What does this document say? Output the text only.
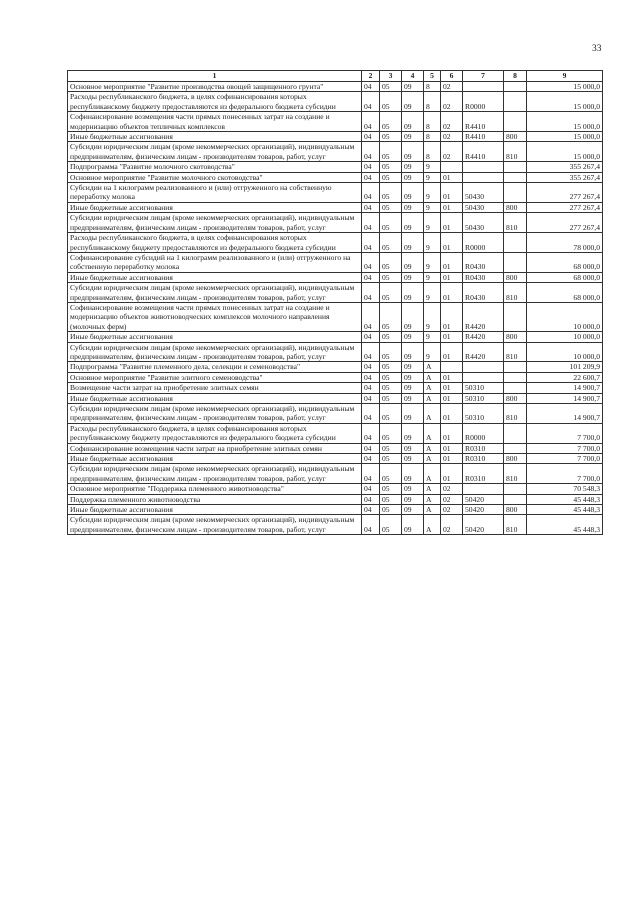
33
1	2	3	4	5	6	7	8	9
Основное мероприятие "Развитие производства овощей защищенного грунта"	04	05	09	8	02			15 000,0
Расходы республиканского бюджета, в целях софинансирования которых республиканскому бюджету предоставляются из федерального бюджета субсидии	04	05	09	8	02	R0000		15 000,0
Софинансирование возмещения части прямых понесенных затрат на создание и модернизацию объектов тепличных комплексов	04	05	09	8	02	R4410		15 000,0
Иные бюджетные ассигнования	04	05	09	8	02	R4410	800	15 000,0
Субсидии юридическим лицам (кроме некоммерческих организаций), индивидуальным предпринимателям, физическим лицам - производителям товаров, работ, услуг	04	05	09	8	02	R4410	810	15 000,0
Подпрограмма "Развитие молочного скотоводства"	04	05	09	9				355 267,4
Основное мероприятие "Развитие молочного скотоводства"	04	05	09	9	01			355 267,4
Субсидии на 1 килограмм реализованного и (или) отгруженного на собственную переработку молока	04	05	09	9	01	50430		277 267,4
Иные бюджетные ассигнования	04	05	09	9	01	50430	800	277 267,4
Субсидии юридическим лицам (кроме некоммерческих организаций), индивидуальным предпринимателям, физическим лицам - производителям товаров, работ, услуг	04	05	09	9	01	50430	810	277 267,4
Расходы республиканского бюджета, в целях софинансирования которых республиканскому бюджету предоставляются из федерального бюджета субсидии	04	05	09	9	01	R0000		78 000,0
Софинансирование субсидий на 1 килограмм реализованного и (или) отгруженного на собственную переработку молока	04	05	09	9	01	R0430		68 000,0
Иные бюджетные ассигнования	04	05	09	9	01	R0430	800	68 000,0
Субсидии юридическим лицам (кроме некоммерческих организаций), индивидуальным предпринимателям, физическим лицам - производителям товаров, работ, услуг	04	05	09	9	01	R0430	810	68 000,0
Софинансирование возмещения части прямых понесенных затрат на создание и модернизацию объектов животноводческих комплексов молочного направления (молочных ферм)	04	05	09	9	01	R4420		10 000,0
Иные бюджетные ассигнования	04	05	09	9	01	R4420	800	10 000,0
Субсидии юридическим лицам (кроме некоммерческих организаций), индивидуальным предпринимателям, физическим лицам - производителям товаров, работ, услуг	04	05	09	9	01	R4420	810	10 000,0
Подпрограмма "Развитие племенного дела, селекции и семеноводства"	04	05	09	А				101 209,9
Основное мероприятие "Развитие элитного семеноводства"	04	05	09	А	01			22 600,7
Возмещение части затрат на приобретение элитных семян	04	05	09	А	01	50310		14 900,7
Иные бюджетные ассигнования	04	05	09	А	01	50310	800	14 900,7
Субсидии юридическим лицам (кроме некоммерческих организаций), индивидуальным предпринимателям, физическим лицам - производителям товаров, работ, услуг	04	05	09	А	01	50310	810	14 900,7
Расходы республиканского бюджета, в целях софинансирования которых республиканскому бюджету предоставляются из федерального бюджета субсидии	04	05	09	А	01	R0000		7 700,0
Софинансирование возмещения части затрат на приобретение элитных семян	04	05	09	А	01	R0310		7 700,0
Иные бюджетные ассигнования	04	05	09	А	01	R0310	800	7 700,0
Субсидии юридическим лицам (кроме некоммерческих организаций), индивидуальным предпринимателям, физическим лицам - производителям товаров, работ, услуг	04	05	09	А	01	R0310	810	7 700,0
Основное мероприятие "Поддержка племенного животноводства"	04	05	09	А	02			70 548,3
Поддержка племенного животноводства	04	05	09	А	02	50420		45 448,3
Иные бюджетные ассигнования	04	05	09	А	02	50420	800	45 448,3
Субсидии юридическим лицам (кроме некоммерческих организаций), индивидуальным предпринимателям, физическим лицам - производителям товаров, работ, услуг	04	05	09	А	02	50420	810	45 448,3
